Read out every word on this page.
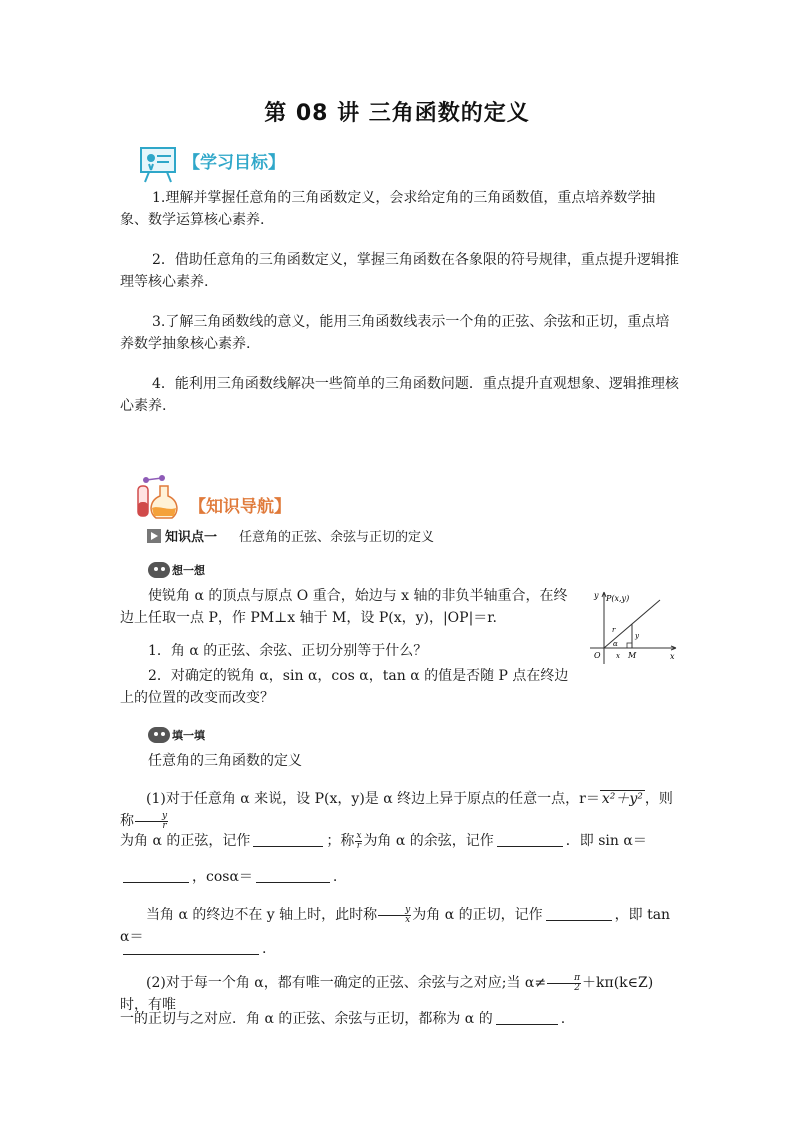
第 08 讲 三角函数的定义
【学习目标】
1.理解并掌握任意角的三角函数定义，会求给定角的三角函数值，重点培养数学抽象、数学运算核心素养.
2．借助任意角的三角函数定义，掌握三角函数在各象限的符号规律，重点提升逻辑推理等核心素养.
3.了解三角函数线的意义，能用三角函数线表示一个角的正弦、余弦和正切，重点培养数学抽象核心素养.
4．能利用三角函数线解决一些简单的三角函数问题．重点提升直观想象、逻辑推理核心素养.
【知识导航】
知识点一 任意角的正弦、余弦与正切的定义
想一想
使锐角 α 的顶点与原点 O 重合，始边与 x 轴的非负半轴重合，在终边上任取一点 P，作 PM⊥x 轴于 M，设 P(x，y)，|OP|＝r.
1．角 α 的正弦、余弦、正切分别等于什么？
2．对确定的锐角 α，sin α，cos α，tan α 的值是否随 P 点在终边上的位置的改变而改变？
P(x,y)
y
x
O	M
r
α
x
y
填一填
任意角的三角函数的定义
(1)对于任意角 α 来说，设 P(x，y)是 α 终边上异于原点的任意一点，r＝ x²＋y² ，则称 $\frac{y}{r}$
为角 α 的正弦，记作	；称 $\frac{x}{r}$ 为角 α 的余弦，记作	．即 sin α＝
，cosα＝	.
当角 α 的终边不在 y 轴上时，此时称 $\frac{y}{x}$ 为角 α 的正切，记作	，即 tan α＝
.
(2)对于每一个角 α，都有唯一确定的正弦、余弦与之对应;当 $\alpha\ne \frac{\pi}{2}$ ＋kπ(k∈Z)时，有唯
一的正切与之对应．角 α 的正弦、余弦与正切，都称为 α 的	.
